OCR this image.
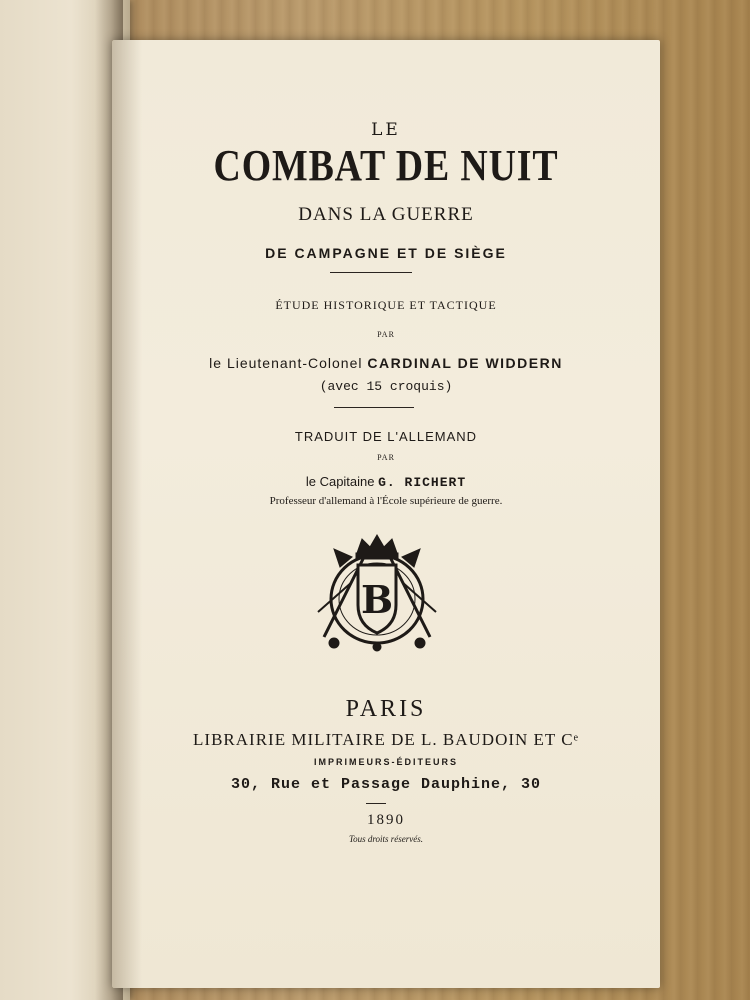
LE
COMBAT DE NUIT
DANS LA GUERRE
DE CAMPAGNE ET DE SIÈGE
ÉTUDE HISTORIQUE ET TACTIQUE
PAR
le Lieutenant-Colonel CARDINAL DE WIDDERN
(avec 15 croquis)
TRADUIT DE L'ALLEMAND
PAR
le Capitaine G. RICHERT
Professeur d'allemand à l'École supérieure de guerre.
B
PARIS
LIBRAIRIE MILITAIRE DE L. BAUDOIN ET Cᵉ
IMPRIMEURS-ÉDITEURS
30, Rue et Passage Dauphine, 30
1890
Tous droits réservés.
